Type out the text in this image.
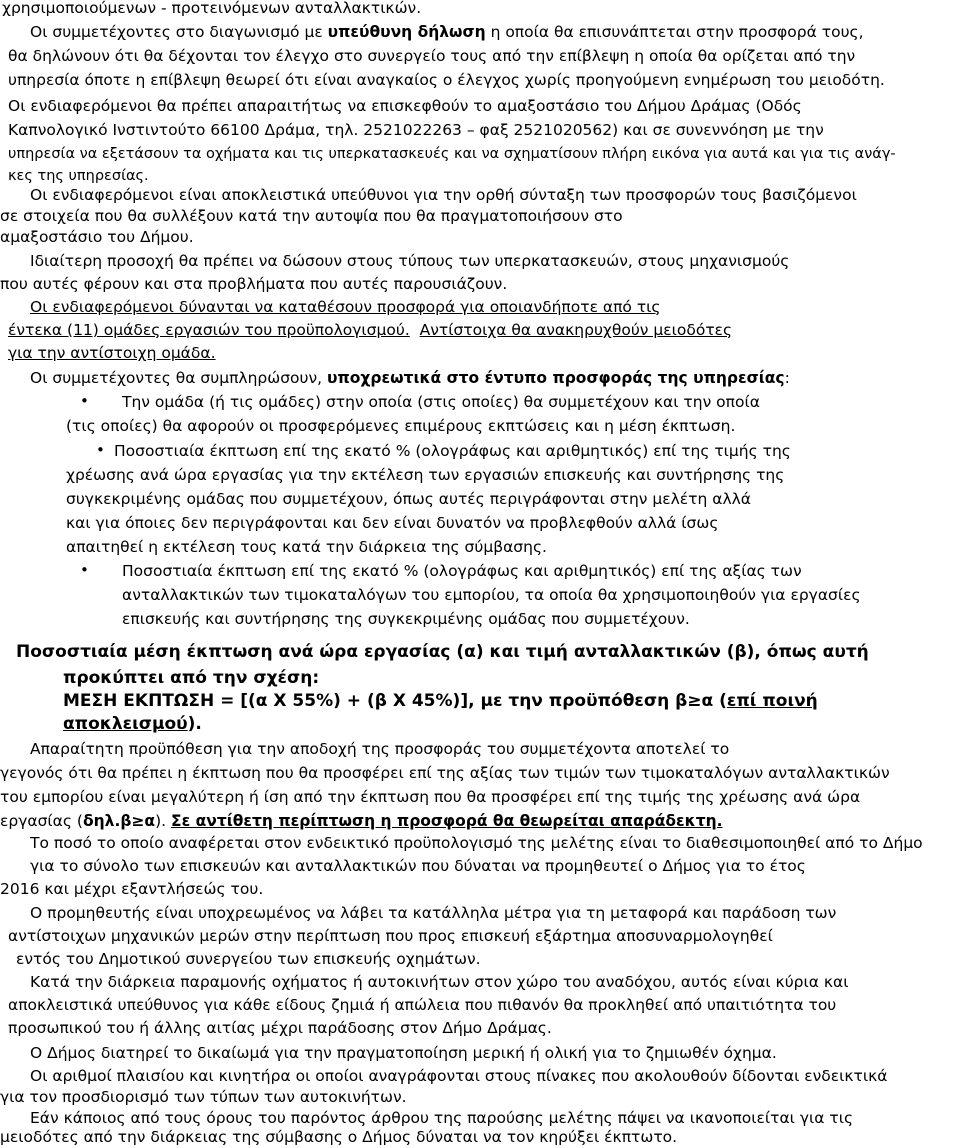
χρησιμοποιούμενων - προτεινόμενων ανταλλακτικών.
Οι συμμετέχοντες στο διαγωνισμό με υπεύθυνη δήλωση η οποία θα επισυνάπτεται στην προσφορά τους,
θα δηλώνουν ότι θα δέχονται τον έλεγχο στο συνεργείο τους από την επίβλεψη η οποία θα ορίζεται από την
υπηρεσία όποτε η επίβλεψη θεωρεί ότι είναι αναγκαίος ο έλεγχος χωρίς προηγούμενη ενημέρωση του μειοδότη.
Οι ενδιαφερόμενοι θα πρέπει απαραιτήτως να επισκεφθούν το αμαξοστάσιο του Δήμου Δράμας (Οδός
Καπνολογικό Ινστιντούτο 66100 Δράμα, τηλ. 2521022263 – φαξ 2521020562) και σε συνεννόηση με την
υπηρεσία να εξετάσουν τα οχήματα και τις υπερκατασκευές και να σχηματίσουν πλήρη εικόνα για αυτά και για τις ανάγ-
κες της υπηρεσίας.
Οι ενδιαφερόμενοι είναι αποκλειστικά υπεύθυνοι για την ορθή σύνταξη των προσφορών τους βασιζόμενοι
σε στοιχεία που θα συλλέξουν κατά την αυτοψία που θα πραγματοποιήσουν στο
αμαξοστάσιο του Δήμου.
Ιδιαίτερη προσοχή θα πρέπει να δώσουν στους τύπους των υπερκατασκευών, στους μηχανισμούς
που αυτές φέρουν και στα προβλήματα που αυτές παρουσιάζουν.
Οι ενδιαφερόμενοι δύνανται να καταθέσουν προσφορά για οποιανδήποτε από τις
έντεκα (11) ομάδες εργασιών του προϋπολογισμού. Αντίστοιχα θα ανακηρυχθούν μειοδότες
για την αντίστοιχη ομάδα.
Οι συμμετέχοντες θα συμπληρώσουν, υποχρεωτικά στο έντυπο προσφοράς της υπηρεσίας:
• Την ομάδα (ή τις ομάδες) στην οποία (στις οποίες) θα συμμετέχουν και την οποία
(τις οποίες) θα αφορούν οι προσφερόμενες επιμέρους εκπτώσεις και η μέση έκπτωση.
• Ποσοστιαία έκπτωση επί της εκατό % (ολογράφως και αριθμητικός) επί της τιμής της
χρέωσης ανά ώρα εργασίας για την εκτέλεση των εργασιών επισκευής και συντήρησης της
συγκεκριμένης ομάδας που συμμετέχουν, όπως αυτές περιγράφονται στην μελέτη αλλά
και για όποιες δεν περιγράφονται και δεν είναι δυνατόν να προβλεφθούν αλλά ίσως
απαιτηθεί η εκτέλεση τους κατά την διάρκεια της σύμβασης.
• Ποσοστιαία έκπτωση επί της εκατό % (ολογράφως και αριθμητικός) επί της αξίας των
ανταλλακτικών των τιμοκαταλόγων του εμπορίου, τα οποία θα χρησιμοποιηθούν για εργασίες
επισκευής και συντήρησης της συγκεκριμένης ομάδας που συμμετέχουν.
Ποσοστιαία μέση έκπτωση ανά ώρα εργασίας (α) και τιμή ανταλλακτικών (β), όπως αυτή
προκύπτει από την σχέση:
ΜΕΣΗ ΕΚΠΤΩΣΗ = [(α Χ 55%) + (β Χ 45%)], με την προϋπόθεση β≥α (επί ποινή
αποκλεισμού).
Απαραίτητη προϋπόθεση για την αποδοχή της προσφοράς του συμμετέχοντα αποτελεί το
γεγονός ότι θα πρέπει η έκπτωση που θα προσφέρει επί της αξίας των τιμών των τιμοκαταλόγων ανταλλακτικών
του εμπορίου είναι μεγαλύτερη ή ίση από την έκπτωση που θα προσφέρει επί της τιμής της χρέωσης ανά ώρα
εργασίας (δηλ.β≥α). Σε αντίθετη περίπτωση η προσφορά θα θεωρείται απαράδεκτη.
Το ποσό το οποίο αναφέρεται στον ενδεικτικό προϋπολογισμό της μελέτης είναι το διαθεσιμοποιηθεί από το Δήμο
για το σύνολο των επισκευών και ανταλλακτικών που δύναται να προμηθευτεί ο Δήμος για το έτος
2016 και μέχρι εξαντλήσεώς του.
Ο προμηθευτής είναι υποχρεωμένος να λάβει τα κατάλληλα μέτρα για τη μεταφορά και παράδοση των
αντίστοιχων μηχανικών μερών στην περίπτωση που προς επισκευή εξάρτημα αποσυναρμολογηθεί
εντός του Δημοτικού συνεργείου των επισκευής οχημάτων.
Κατά την διάρκεια παραμονής οχήματος ή αυτοκινήτων στον χώρο του αναδόχου, αυτός είναι κύρια και
αποκλειστικά υπεύθυνος για κάθε είδους ζημιά ή απώλεια που πιθανόν θα προκληθεί από υπαιτιότητα του
προσωπικού του ή άλλης αιτίας μέχρι παράδοσης στον Δήμο Δράμας.
Ο Δήμος διατηρεί το δικαίωμά για την πραγματοποίηση μερική ή ολική για το ζημιωθέν όχημα.
Οι αριθμοί πλαισίου και κινητήρα οι οποίοι αναγράφονται στους πίνακες που ακολουθούν δίδονται ενδεικτικά
για τον προσδιορισμό των τύπων των αυτοκινήτων.
Εάν κάποιος από τους όρους του παρόντος άρθρου της παρούσης μελέτης πάψει να ικανοποιείται για τις
μειοδότες από την διάρκειας της σύμβασης ο Δήμος δύναται να τον κηρύξει έκπτωτο.
